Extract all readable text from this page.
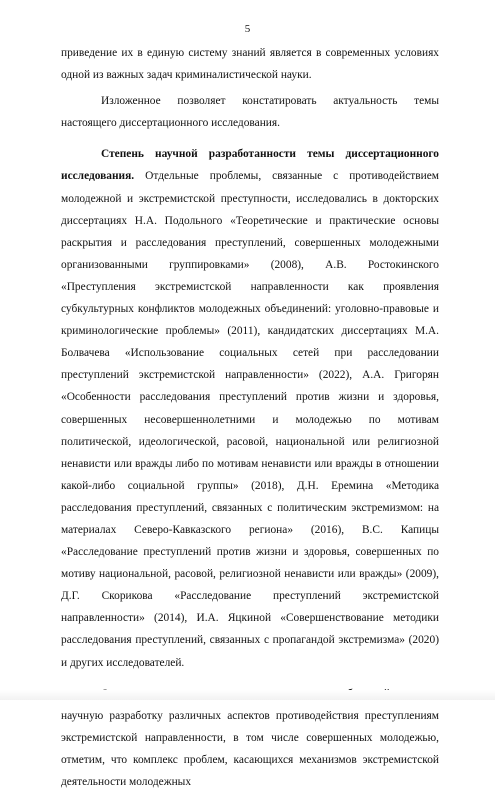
5

приведение их в единую систему знаний является в современных условиях одной из важных задач криминалистической науки.

Изложенное позволяет констатировать актуальность темы настоящего диссертационного исследования.

Степень научной разработанности темы диссертационного исследования. Отдельные проблемы, связанные с противодействием молодежной и экстремистской преступности, исследовались в докторских диссертациях Н.А. Подольного «Теоретические и практические основы раскрытия и расследования преступлений, совершенных молодежными организованными группировками» (2008), А.В. Ростокинского «Преступления экстремистской направленности как проявления субкультурных конфликтов молодежных объединений: уголовно-правовые и криминологические проблемы» (2011), кандидатских диссертациях М.А. Болвачева «Использование социальных сетей при расследовании преступлений экстремистской направленности» (2022), А.А. Григорян «Особенности расследования преступлений против жизни и здоровья, совершенных несовершеннолетними и молодежью по мотивам политической, идеологической, расовой, национальной или религиозной ненависти или вражды либо по мотивам ненависти или вражды в отношении какой-либо социальной группы» (2018), Д.Н. Еремина «Методика расследования преступлений, связанных с политическим экстремизмом: на материалах Северо-Кавказского региона» (2016), В.С. Капицы «Расследование преступлений против жизни и здоровья, совершенных по мотиву национальной, расовой, религиозной ненависти или вражды» (2009), Д.Г. Скорикова «Расследование преступлений экстремистской направленности» (2014), И.А. Яцкиной «Совершенствование методики расследования преступлений, связанных с пропагандой экстремизма» (2020) и других исследователей.

научную разработку различных аспектов противодействия преступлениям экстремистской направленности, в том числе совершенных молодежью, отметим, что комплекс проблем, касающихся механизмов экстремистской деятельности молодежных
